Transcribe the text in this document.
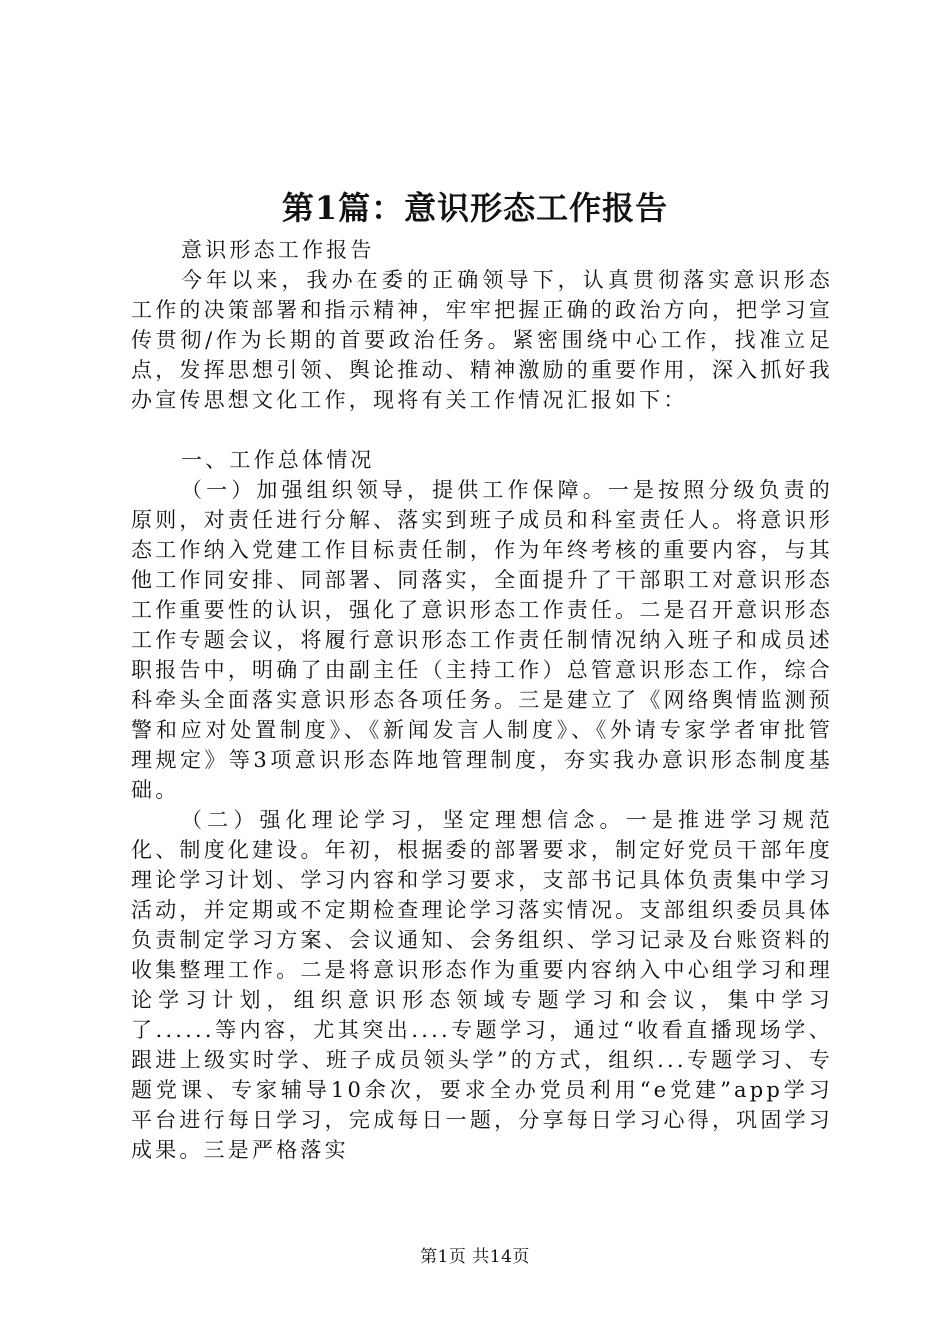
第1篇：意识形态工作报告

意识形态工作报告

今年以来，我办在委的正确领导下，认真贯彻落实意识形态工作的决策部署和指示精神，牢牢把握正确的政治方向，把学习宣传贯彻/作为长期的首要政治任务。紧密围绕中心工作，找准立足点，发挥思想引领、舆论推动、精神激励的重要作用，深入抓好我办宣传思想文化工作，现将有关工作情况汇报如下：

一、工作总体情况

（一）加强组织领导，提供工作保障。一是按照分级负责的原则，对责任进行分解、落实到班子成员和科室责任人。将意识形态工作纳入党建工作目标责任制，作为年终考核的重要内容，与其他工作同安排、同部署、同落实，全面提升了干部职工对意识形态工作重要性的认识，强化了意识形态工作责任。二是召开意识形态工作专题会议，将履行意识形态工作责任制情况纳入班子和成员述职报告中，明确了由副主任（主持工作）总管意识形态工作，综合科牵头全面落实意识形态各项任务。三是建立了《网络舆情监测预警和应对处置制度》、《新闻发言人制度》、《外请专家学者审批管理规定》等3项意识形态阵地管理制度，夯实我办意识形态制度基础。

（二）强化理论学习，坚定理想信念。一是推进学习规范化、制度化建设。年初，根据委的部署要求，制定好党员干部年度理论学习计划、学习内容和学习要求，支部书记具体负责集中学习活动，并定期或不定期检查理论学习落实情况。支部组织委员具体负责制定学习方案、会议通知、会务组织、学习记录及台账资料的收集整理工作。二是将意识形态作为重要内容纳入中心组学习和理论学习计划，组织意识形态领域专题学习和会议，集中学习了......等内容，尤其突出....专题学习，通过“收看直播现场学、跟进上级实时学、班子成员领头学”的方式，组织...专题学习、专题党课、专家辅导10余次，要求全办党员利用“e党建”app学习平台进行每日学习，完成每日一题，分享每日学习心得，巩固学习成果。三是严格落实

第1页 共14页
